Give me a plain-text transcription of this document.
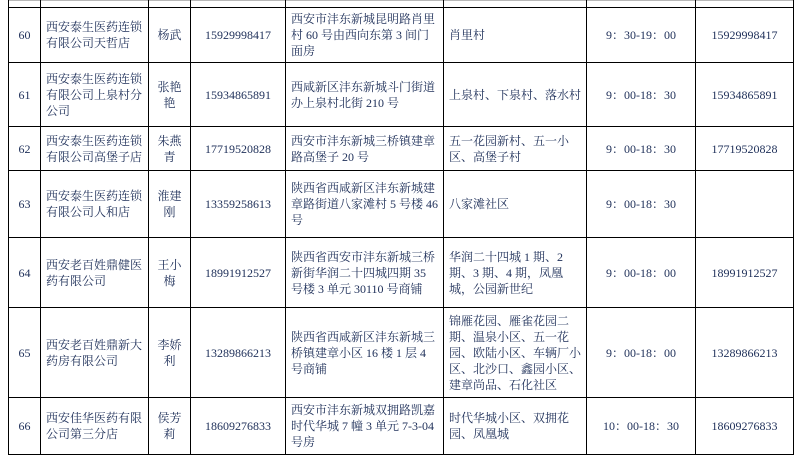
60	西安泰生医药连锁有限公司天哲店	杨武	15929998417	西安市沣东新城昆明路肖里村 60 号由西向东第 3 间门面房	肖里村	9：30-19：00	15929998417
61	西安泰生医药连锁有限公司上泉村分公司	张艳艳	15934865891	西咸新区沣东新城斗门街道办上泉村北街 210 号	上泉村、下泉村、落水村	9：00-18：30	15934865891
62	西安泰生医药连锁有限公司高堡子店	朱燕青	17719520828	西安市沣东新城三桥镇建章路高堡子 20 号	五一花园新村、五一小区、高堡子村	9：00-18：30	17719520828
63	西安泰生医药连锁有限公司人和店	淮建刚	13359258613	陕西省西咸新区沣东新城建章路街道八家滩村 5 号楼 46 号	八家滩社区	9：00-18：30	
64	西安老百姓鼎健医药有限公司	王小梅	18991912527	陕西省西安市沣东新城三桥新街华润二十四城四期 35 号楼 3 单元 30110 号商铺	华润二十四城 1 期、2 期、3 期、4 期，凤凰城，公园新世纪	9：00-18：00	18991912527
65	西安老百姓鼎新大药房有限公司	李娇利	13289866213	陕西省西咸新区沣东新城三桥镇建章小区 16 楼 1 层 4 号商铺	锦雁花园、雁雀花园二期、温泉小区、五一花园、欧陆小区、车辆厂小区、北沙口、鑫园小区、建章尚品、石化社区	9：00-18：00	13289866213
66	西安佳华医药有限公司第三分店	侯芳莉	18609276833	西安市沣东新城双拥路凯嘉时代华城 7 幢 3 单元 7-3-04 号房	时代华城小区、双拥花园、凤凰城	10：00-18：30	18609276833
